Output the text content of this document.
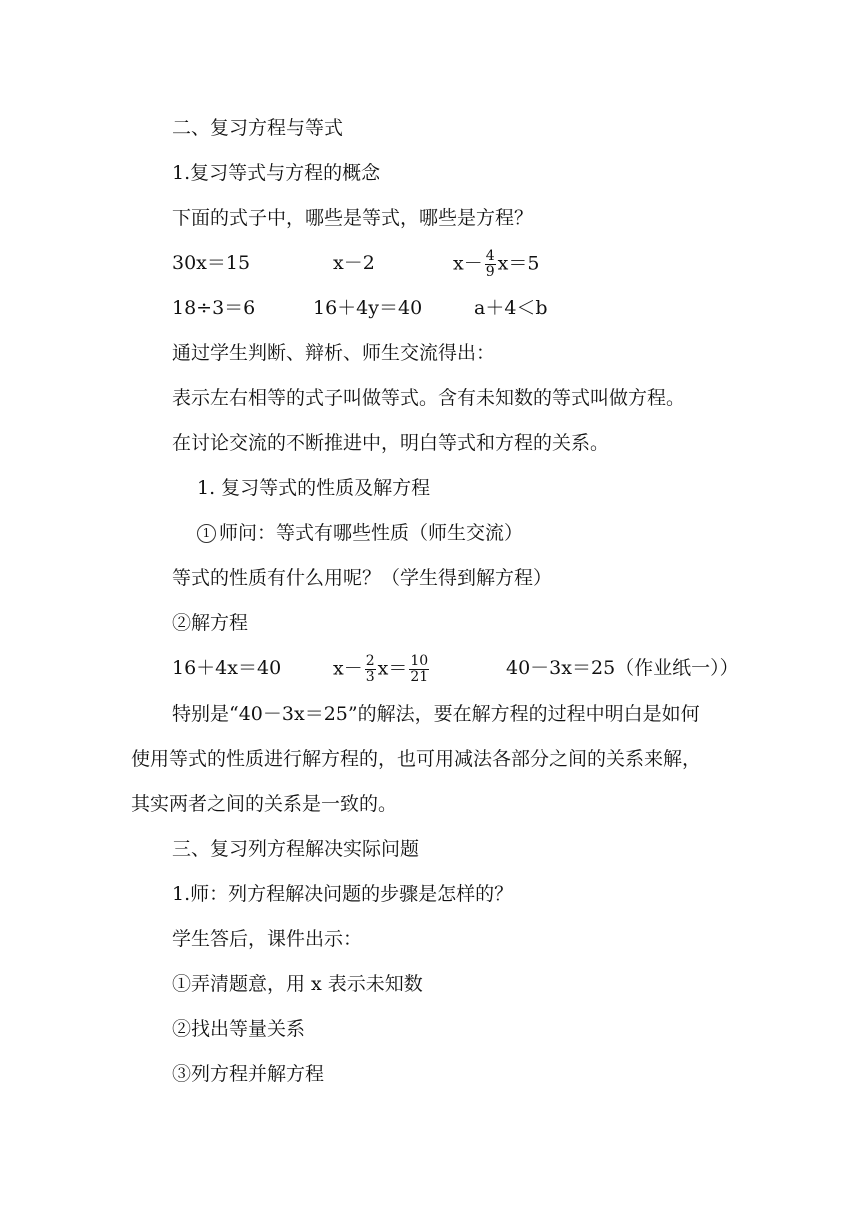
二、复习方程与等式
1.复习等式与方程的概念
下面的式子中，哪些是等式，哪些是方程？
30x＝15	x－2	$x- \frac{4}{9} x=5$
18÷3＝6	16＋4y＝40	a＋4＜b
通过学生判断、辩析、师生交流得出：
表示左右相等的式子叫做等式。含有未知数的等式叫做方程。
在讨论交流的不断推进中，明白等式和方程的关系。
1. 复习等式的性质及解方程
1 师问：等式有哪些性质（师生交流）
等式的性质有什么用呢？（学生得到解方程）
②解方程
16＋4x＝40	$x- \frac{2}{3} x= \frac{10}{21}$	40－3x＝25（作业纸一））
特别是“40－3x＝25”的解法，要在解方程的过程中明白是如何
使用等式的性质进行解方程的，也可用减法各部分之间的关系来解，
其实两者之间的关系是一致的。
三、复习列方程解决实际问题
1.师：列方程解决问题的步骤是怎样的？
学生答后，课件出示：
①弄清题意，用 x 表示未知数
②找出等量关系
③列方程并解方程
